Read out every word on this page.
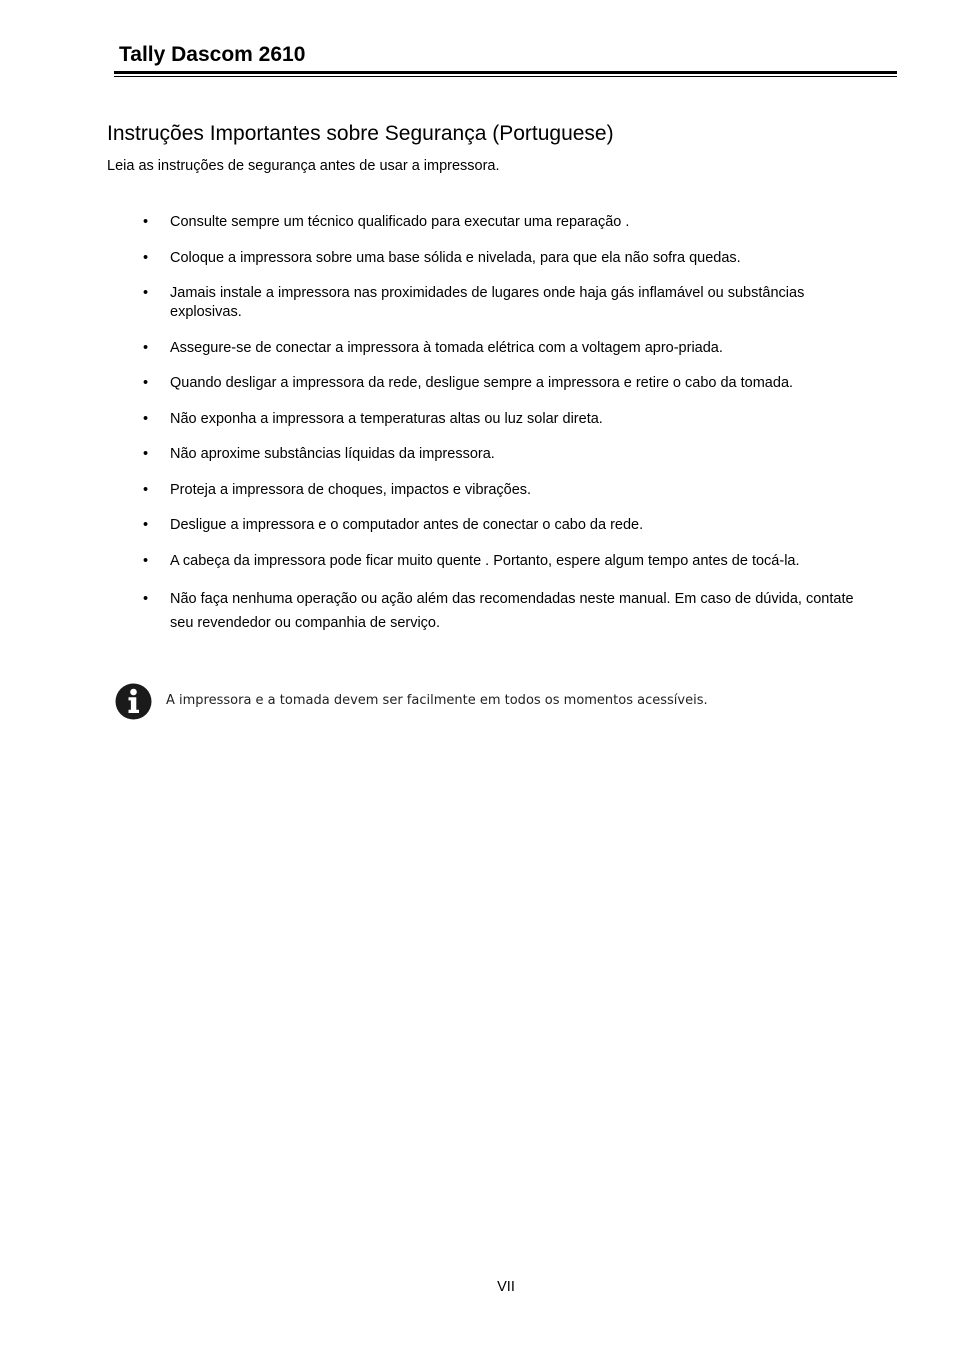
Tally Dascom 2610
Instruções Importantes sobre Segurança (Portuguese)
Leia as instruções de segurança antes de usar a impressora.
• Consulte sempre um técnico qualificado para executar uma reparação .
• Coloque a impressora sobre uma base sólida e nivelada, para que ela não sofra quedas.
• Jamais instale a impressora nas proximidades de lugares onde haja gás inflamável ou substâncias explosivas.
• Assegure-se de conectar a impressora à tomada elétrica com a voltagem apro-priada.
• Quando desligar a impressora da rede, desligue sempre a impressora e retire o cabo da tomada.
• Não exponha a impressora a temperaturas altas ou luz solar direta.
• Não aproxime substâncias líquidas da impressora.
• Proteja a impressora de choques, impactos e vibrações.
• Desligue a impressora e o computador antes de conectar o cabo da rede.
• A cabeça da impressora pode ficar muito quente . Portanto, espere algum tempo antes de tocá-la.
• Não faça nenhuma operação ou ação além das recomendadas neste manual. Em caso de dúvida, contate seu revendedor ou companhia de serviço.
A impressora e a tomada devem ser facilmente em todos os momentos acessíveis.
VII
